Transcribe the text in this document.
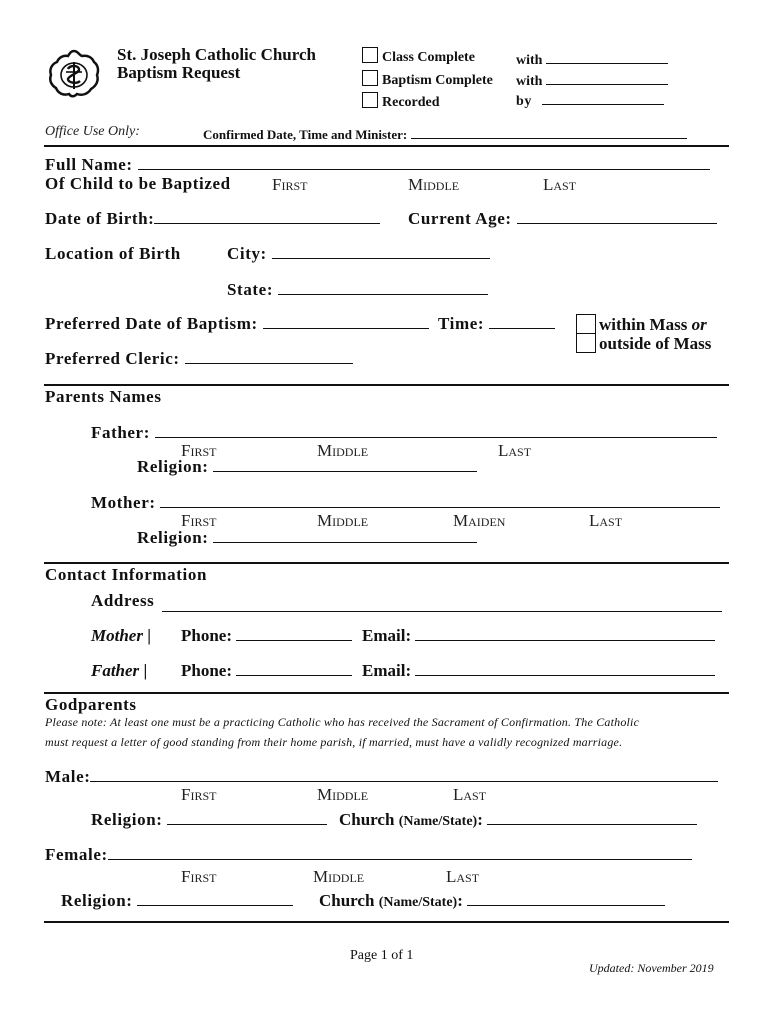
St. Joseph Catholic Church
Baptism Request
Class Complete
Baptism Complete
Recorded
with
with
by
Office Use Only:	Confirmed Date, Time and Minister:
Full Name:
Of Child to be Baptized First	Middle	Last
Date of Birth:	Current Age:
Location of Birth	City:
State:
Preferred Date of Baptism:	Time:	within Mass or
outside of Mass
Preferred Cleric:
Parents Names
Father:
First	Middle	Last
Religion:
Mother:
First	Middle	Maiden	Last
Religion:
Contact Information
Address
Mother | Phone:	Email:
Father | Phone:	Email:
Godparents
Please note: At least one must be a practicing Catholic who has received the Sacrament of Confirmation. The Catholic
must request a letter of good standing from their home parish, if married, must have a validly recognized marriage.
Male:
First	Middle	Last
Religion:	Church (Name/State):
Female:
First	Middle	Last
Religion:	Church (Name/State):
Page 1 of 1
Updated: November 2019
